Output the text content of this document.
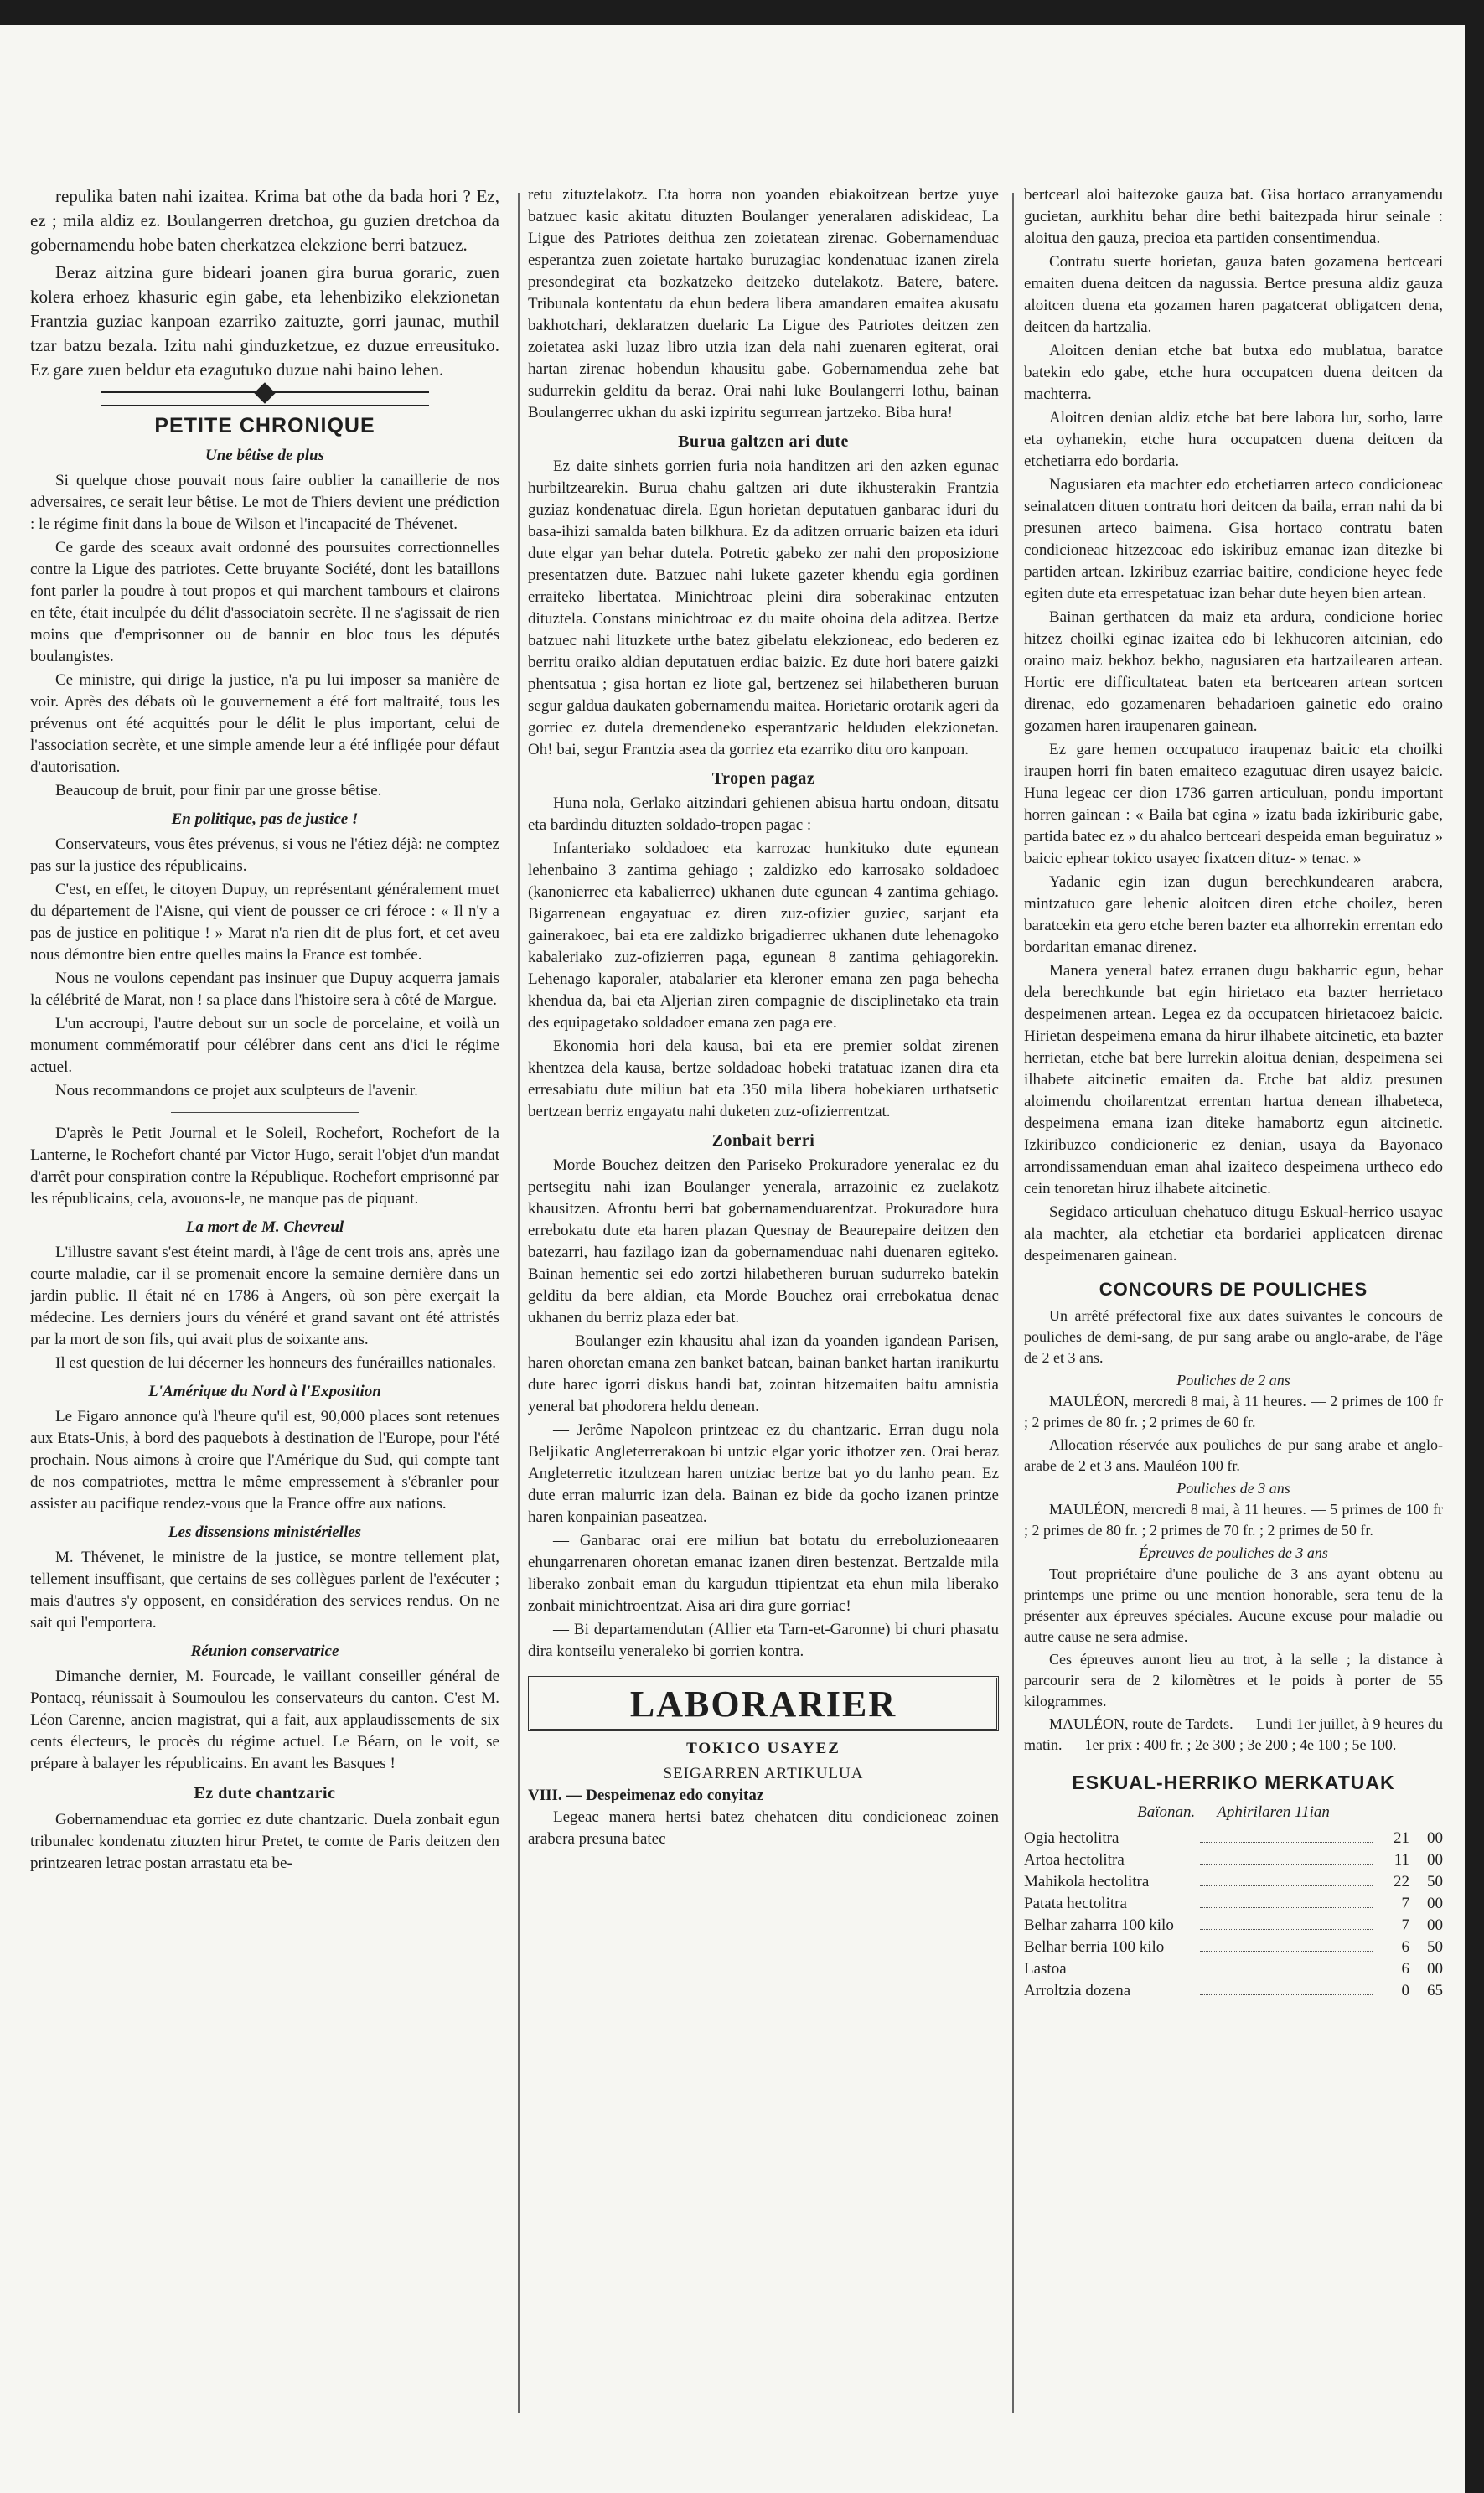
repulika baten nahi izaitea. Krima bat othe da bada hori ? Ez, ez ; mila aldiz ez. Boulangerren dretchoa, gu guzien dretchoa da gobernamendu hobe baten cherkatzea elekzione berri batzuez.

Beraz aitzina gure bideari joanen gira burua goraric, zuen kolera erhoez khasuric egin gabe, eta lehenbiziko elekzionetan Frantzia guziac kanpoan ezarriko zaituzte, gorri jaunac, muthil tzar batzu bezala. Izitu nahi ginduzketzue, ez duzue erreusituko. Ez gare zuen beldur eta ezagutuko duzue nahi baino lehen.

PETITE CHRONIQUE
Une bêtise de plus

Si quelque chose pouvait nous faire oublier la canaillerie de nos adversaires, ce serait leur bêtise. Le mot de Thiers devient une prédiction : le régime finit dans la boue de Wilson et l'incapacité de Thévenet.

Ce garde des sceaux avait ordonné des poursuites correctionnelles contre la Ligue des patriotes. Cette bruyante Société, dont les bataillons font parler la poudre à tout propos et qui marchent tambours et clairons en tête, était inculpée du délit d'associatoin secrète. Il ne s'agissait de rien moins que d'emprisonner ou de bannir en bloc tous les députés boulangistes.

Ce ministre, qui dirige la justice, n'a pu lui imposer sa manière de voir. Après des débats où le gouvernement a été fort maltraité, tous les prévenus ont été acquittés pour le délit le plus important, celui de l'association secrète, et une simple amende leur a été infligée pour défaut d'autorisation.

Beaucoup de bruit, pour finir par une grosse bêtise.

En politique, pas de justice !

Conservateurs, vous êtes prévenus, si vous ne l'étiez déjà: ne comptez pas sur la justice des républicains.

C'est, en effet, le citoyen Dupuy, un représentant généralement muet du département de l'Aisne, qui vient de pousser ce cri féroce : « Il n'y a pas de justice en politique ! » Marat n'a rien dit de plus fort, et cet aveu nous démontre bien entre quelles mains la France est tombée.

Nous ne voulons cependant pas insinuer que Dupuy acquerra jamais la célébrité de Marat, non ! sa place dans l'histoire sera à côté de Margue.

L'un accroupi, l'autre debout sur un socle de porcelaine, et voilà un monument commémoratif pour célébrer dans cent ans d'ici le régime actuel.

Nous recommandons ce projet aux sculpteurs de l'avenir.

D'après le Petit Journal et le Soleil, Rochefort, Rochefort de la Lanterne, le Rochefort chanté par Victor Hugo, serait l'objet d'un mandat d'arrêt pour conspiration contre la République. Rochefort emprisonné par les républicains, cela, avouons-le, ne manque pas de piquant.

La mort de M. Chevreul

L'illustre savant s'est éteint mardi, à l'âge de cent trois ans, après une courte maladie, car il se promenait encore la semaine dernière dans un jardin public. Il était né en 1786 à Angers, où son père exerçait la médecine. Les derniers jours du vénéré et grand savant ont été attristés par la mort de son fils, qui avait plus de soixante ans.

Il est question de lui décerner les honneurs des funérailles nationales.

L'Amérique du Nord à l'Exposition

Le Figaro annonce qu'à l'heure qu'il est, 90,000 places sont retenues aux Etats-Unis, à bord des paquebots à destination de l'Europe, pour l'été prochain. Nous aimons à croire que l'Amérique du Sud, qui compte tant de nos compatriotes, mettra le même empressement à s'ébranler pour assister au pacifique rendez-vous que la France offre aux nations.

Les dissensions ministérielles

M. Thévenet, le ministre de la justice, se montre tellement plat, tellement insuffisant, que certains de ses collègues parlent de l'exécuter ; mais d'autres s'y opposent, en considération des services rendus. On ne sait qui l'emportera.

Réunion conservatrice

Dimanche dernier, M. Fourcade, le vaillant conseiller général de Pontacq, réunissait à Soumoulou les conservateurs du canton. C'est M. Léon Carenne, ancien magistrat, qui a fait, aux applaudissements de six cents électeurs, le procès du régime actuel. Le Béarn, on le voit, se prépare à balayer les républicains. En avant les Basques !

Ez dute chantzaric

Gobernamenduac eta gorriec ez dute chantzaric. Duela zonbait egun tribunalec kondenatu zituzten hirur Pretet, te comte de Paris deitzen den printzearen letrac postan arrastatu eta be-

retu zituztelakotz. Eta horra non yoanden ebiakoitzean bertze yuye batzuec kasic akitatu dituzten Boulanger yeneralaren adiskideac, La Ligue des Patriotes deithua zen zoietatean zirenac. Gobernamenduac esperantza zuen zoietate hartako buruzagiac kondenatuac izanen zirela presondegirat eta bozkatzeko deitzeko dutelakotz. Batere, batere. Tribunala kontentatu da ehun bedera libera amandaren emaitea akusatu bakhotchari, deklaratzen duelaric La Ligue des Patriotes deitzen zen zoietatea aski luzaz libro utzia izan dela nahi zuenaren egiterat, orai hartan zirenac hobendun khausitu gabe. Gobernamendua zehe bat sudurrekin gelditu da beraz. Orai nahi luke Boulangerri lothu, bainan Boulangerrec ukhan du aski izpiritu segurrean jartzeko. Biba hura!

Burua galtzen ari dute

Ez daite sinhets gorrien furia noia handitzen ari den azken egunac hurbiltzearekin. Burua chahu galtzen ari dute ikhusterakin Frantzia guziaz kondenatuac direla. Egun horietan deputatuen ganbarac iduri du basa-ihizi samalda baten bilkhura. Ez da aditzen orruaric baizen eta iduri dute elgar yan behar dutela. Potretic gabeko zer nahi den proposizione presentatzen dute. Batzuec nahi lukete gazeter khendu egia gordinen erraiteko libertatea. Minichtroac pleini dira soberakinac entzuten dituztela. Constans minichtroac ez du maite ohoina dela aditzea. Bertze batzuec nahi lituzkete urthe batez gibelatu elekzioneac, edo bederen ez berritu oraiko aldian deputatuen erdiac baizic. Ez dute hori batere gaizki phentsatua ; gisa hortan ez liote gal, bertzenez sei hilabetheren buruan segur galdua daukaten gobernamendu maitea. Horietaric orotarik ageri da gorriec ez dutela dremendeneko esperantzaric helduden elekzionetan. Oh! bai, segur Frantzia asea da gorriez eta ezarriko ditu oro kanpoan.

Tropen pagaz

Huna nola, Gerlako aitzindari gehienen abisua hartu ondoan, ditsatu eta bardindu dituzten soldado-tropen pagac :

Infanteriako soldadoec eta karrozac hunkituko dute egunean lehenbaino 3 zantima gehiago ; zaldizko edo karrosako soldadoec (kanonierrec eta kabalierrec) ukhanen dute egunean 4 zantima gehiago. Bigarrenean engayatuac ez diren zuz-ofizier guziec, sarjant eta gainerakoec, bai eta ere zaldizko brigadierrec ukhanen dute lehenagoko kabaleriako zuz-ofizierren paga, egunean 8 zantima gehiagorekin. Lehenago kaporaler, atabalarier eta kleroner emana zen paga behecha khendua da, bai eta Aljerian ziren compagnie de disciplinetako eta train des equipagetako soldadoer emana zen paga ere.

Ekonomia hori dela kausa, bai eta ere premier soldat zirenen khentzea dela kausa, bertze soldadoac hobeki tratatuac izanen dira eta erresabiatu dute miliun bat eta 350 mila libera hobekiaren urthatsetic bertzean berriz engayatu nahi duketen zuz-ofizierrentzat.

Zonbait berri

Morde Bouchez deitzen den Pariseko Prokuradore yeneralac ez du pertsegitu nahi izan Boulanger yenerala, arrazoinic ez zuelakotz khausitzen. Afrontu berri bat gobernamenduarentzat. Prokuradore hura errebokatu dute eta haren plazan Quesnay de Beaurepaire deitzen den batezarri, hau fazilago izan da gobernamenduac nahi duenaren egiteko. Bainan hementic sei edo zortzi hilabetheren buruan sudurreko batekin gelditu da bere aldian, eta Morde Bouchez orai errebokatua denac ukhanen du berriz plaza eder bat.

— Boulanger ezin khausitu ahal izan da yoanden igandean Parisen, haren ohoretan emana zen banket batean, bainan banket hartan iranikurtu dute harec igorri diskus handi bat, zointan hitzemaiten baitu amnistia yeneral bat phodorera heldu denean.

— Jerôme Napoleon printzeac ez du chantzaric. Erran dugu nola Beljikatic Angleterrerakoan bi untzic elgar yoric ithotzer zen. Orai beraz Angleterretic itzultzean haren untziac bertze bat yo du lanho pean. Ez dute erran malurric izan dela. Bainan ez bide da gocho izanen printze haren konpainian paseatzea.

— Ganbarac orai ere miliun bat botatu du erreboluzioneaaren ehungarrenaren ohoretan emanac izanen diren bestenzat. Bertzalde mila liberako zonbait eman du kargudun ttipientzat eta ehun mila liberako zonbait minichtroentzat. Aisa ari dira gure gorriac!

— Bi departamendutan (Allier eta Tarn-et-Garonne) bi churi phasatu dira kontseilu yeneraleko bi gorrien kontra.

LABORARIER
TOKICO USAYEZ

SEIGARREN ARTIKULUA

VIII. — Despeimenaz edo conyitaz

Legeac manera hertsi batez chehatcen ditu condicioneac zoinen arabera presuna batec

bertcearl aloi baitezoke gauza bat. Gisa hortaco arranyamendu gucietan, aurkhitu behar dire bethi baitezpada hirur seinale : aloitua den gauza, precioa eta partiden consentimendua.

Contratu suerte horietan, gauza baten gozamena bertceari emaiten duena deitcen da nagussia. Bertce presuna aldiz gauza aloitcen duena eta gozamen haren pagatcerat obligatcen dena, deitcen da hartzalia.

Aloitcen denian etche bat butxa edo mublatua, baratce batekin edo gabe, etche hura occupatcen duena deitcen da machterra.

Aloitcen denian aldiz etche bat bere labora lur, sorho, larre eta oyhanekin, etche hura occupatcen duena deitcen da etchetiarra edo bordaria.

Nagusiaren eta machter edo etchetiarren arteco condicioneac seinalatcen dituen contratu hori deitcen da baila, erran nahi da bi presunen arteco baimena. Gisa hortaco contratu baten condicioneac hitzezcoac edo iskiribuz emanac izan ditezke bi partiden artean. Izkiribuz ezarriac baitire, condicione heyec fede egiten dute eta errespetatuac izan behar dute heyen bien artean.

Bainan gerthatcen da maiz eta ardura, condicione horiec hitzez choilki eginac izaitea edo bi lekhucoren aitcinian, edo oraino maiz bekhoz bekho, nagusiaren eta hartzailearen artean. Hortic ere difficultateac baten eta bertcearen artean sortcen direnac, edo gozamenaren behadarioen gainetic edo oraino gozamen haren iraupenaren gainean.

Ez gare hemen occupatuco iraupenaz baicic eta choilki iraupen horri fin baten emaiteco ezagutuac diren usayez baicic. Huna legeac cer dion 1736 garren articuluan, pondu important horren gainean : « Baila bat egina » izatu bada izkiriburic gabe, partida batec ez » du ahalco bertceari despeida eman beguiratuz » baicic ephear tokico usayec fixatcen dituz- » tenac. »

Yadanic egin izan dugun berechkundearen arabera, mintzatuco gare lehenic aloitcen diren etche choilez, beren baratcekin eta gero etche beren bazter eta alhorrekin errentan edo bordaritan emanac direnez.

Manera yeneral batez erranen dugu bakharric egun, behar dela berechkunde bat egin hirietaco eta bazter herrietaco despeimenen artean. Legea ez da occupatcen hirietacoez baicic. Hirietan despeimena emana da hirur ilhabete aitcinetic, eta bazter herrietan, etche bat bere lurrekin aloitua denian, despeimena sei ilhabete aitcinetic emaiten da. Etche bat aldiz presunen aloimendu choilarentzat errentan hartua denean ilhabeteca, despeimena emana izan diteke hamabortz egun aitcinetic. Izkiribuzco condicioneric ez denian, usaya da Bayonaco arrondissamenduan eman ahal izaiteco despeimena urtheco edo cein tenoretan hiruz ilhabete aitcinetic.

Segidaco articuluan chehatuco ditugu Eskual-herrico usayac ala machter, ala etchetiar eta bordariei applicatcen direnac despeimenaren gainean.

CONCOURS DE POULICHES

Un arrêté préfectoral fixe aux dates suivantes le concours de pouliches de demi-sang, de pur sang arabe ou anglo-arabe, de l'âge de 2 et 3 ans.

Pouliches de 2 ans

MAULÉON, mercredi 8 mai, à 11 heures. — 2 primes de 100 fr ; 2 primes de 80 fr. ; 2 primes de 60 fr.

Allocation réservée aux pouliches de pur sang arabe et anglo-arabe de 2 et 3 ans. Mauléon 100 fr.

Pouliches de 3 ans

MAULÉON, mercredi 8 mai, à 11 heures. — 5 primes de 100 fr ; 2 primes de 80 fr. ; 2 primes de 70 fr. ; 2 primes de 50 fr.

Épreuves de pouliches de 3 ans

Tout propriétaire d'une pouliche de 3 ans ayant obtenu au printemps une prime ou une mention honorable, sera tenu de la présenter aux épreuves spéciales. Aucune excuse pour maladie ou autre cause ne sera admise.

Ces épreuves auront lieu au trot, à la selle ; la distance à parcourir sera de 2 kilomètres et le poids à porter de 55 kilogrammes.

MAULÉON, route de Tardets. — Lundi 1er juillet, à 9 heures du matin. — 1er prix : 400 fr. ; 2e 300 ; 3e 200 ; 4e 100 ; 5e 100.

ESKUAL-HERRIKO MERKATUAK
Baïonan. — Aphirilaren 11ian
Ogia hectolitra	21	00
Artoa hectolitra	11	00
Mahikola hectolitra	22	50
Patata hectolitra	7	00
Belhar zaharra 100 kilo	7	00
Belhar berria 100 kilo	6	50
Lastoa	6	00
Arroltzia dozena	0	65
